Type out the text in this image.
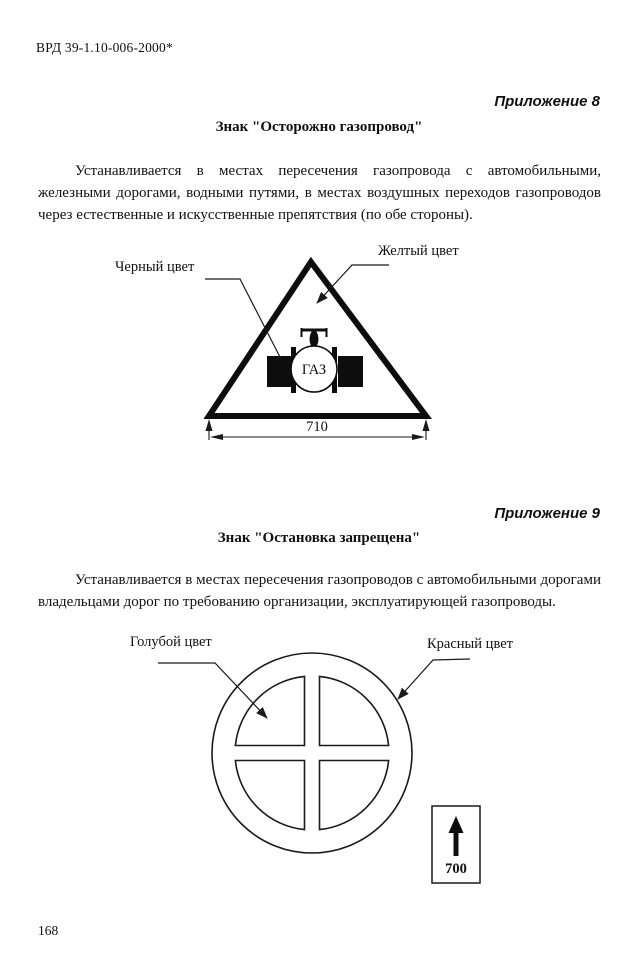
ВРД 39-1.10-006-2000*
Приложение 8
Знак "Осторожно газопровод"
Устанавливается в местах пересечения газопровода с автомобильными, железными дорогами, водными путями, в местах воздушных переходов газопроводов через естественные и искусственные препятствия (по обе стороны).
Приложение 9
Знак "Остановка запрещена"
Устанавливается в местах пересечения газопроводов с автомобильными дорогами владельцами дорог по требованию организации, эксплуатирующей газопроводы.
ГАЗ
Черный цвет
Желтый цвет
710
Голубой цвет	Красный цвет
700
168
